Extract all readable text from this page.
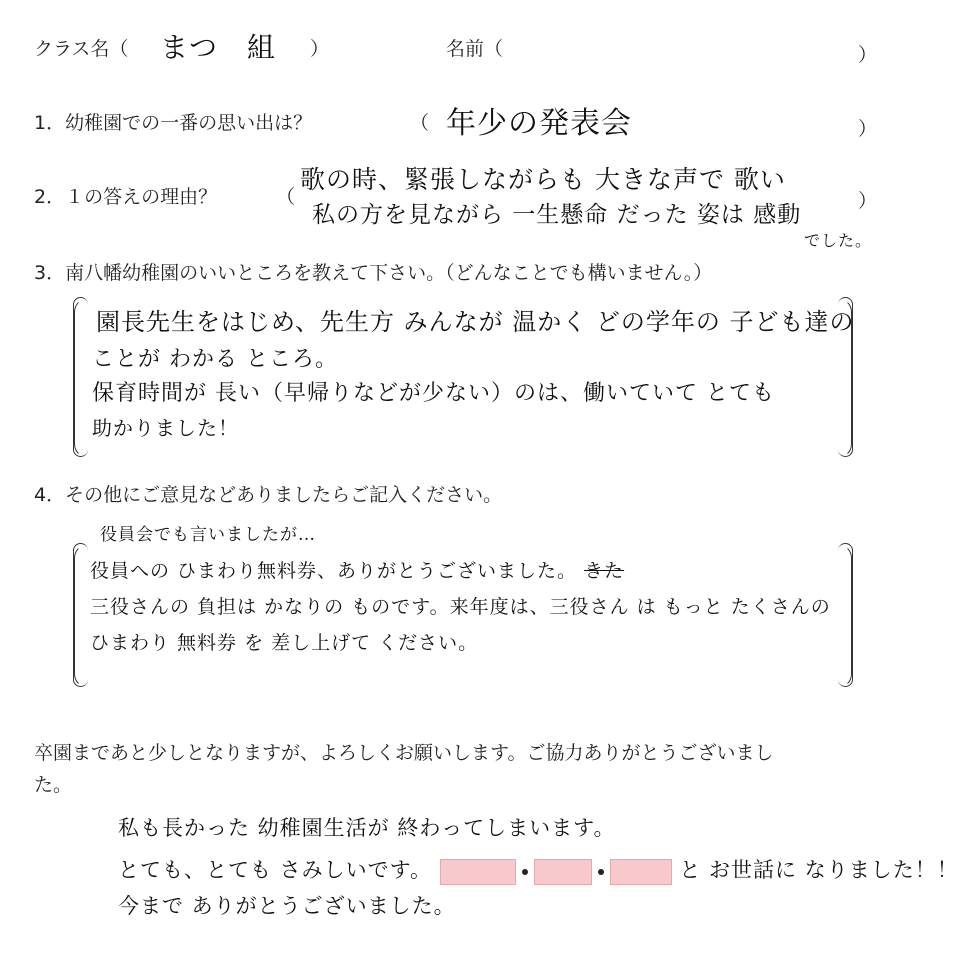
クラス名（ まつ　組 ）	名前（	）
1．幼稚園での一番の思い出は？	（ 年少の発表会	）
2．１の答えの理由？	（
歌の時、緊張しながらも 大きな声で 歌い
私の方を見ながら 一生懸命 だった 姿は 感動
でした。
）
3．南八幡幼稚園のいいところを教えて下さい。（どんなことでも構いません。）
園長先生をはじめ、先生方 みんなが 温かく どの学年の 子ども達の
ことが わかる ところ。
保育時間が 長い（早帰りなどが少ない）のは、働いていて とても
助かりました！
4．その他にご意見などありましたらご記入ください。
役員会でも言いましたが…
役員への ひまわり無料券、ありがとうございました。 きた
三役さんの 負担は かなりの ものです。来年度は、三役さん は もっと たくさんの
ひまわり 無料券 を 差し上げて ください。
卒園まであと少しとなりますが、よろしくお願いします。ご協力ありがとうございまし
た。
私も長かった 幼稚園生活が 終わってしまいます。
とても、とても さみしいです。	と お世話に なりました！！
今まで ありがとうございました。
